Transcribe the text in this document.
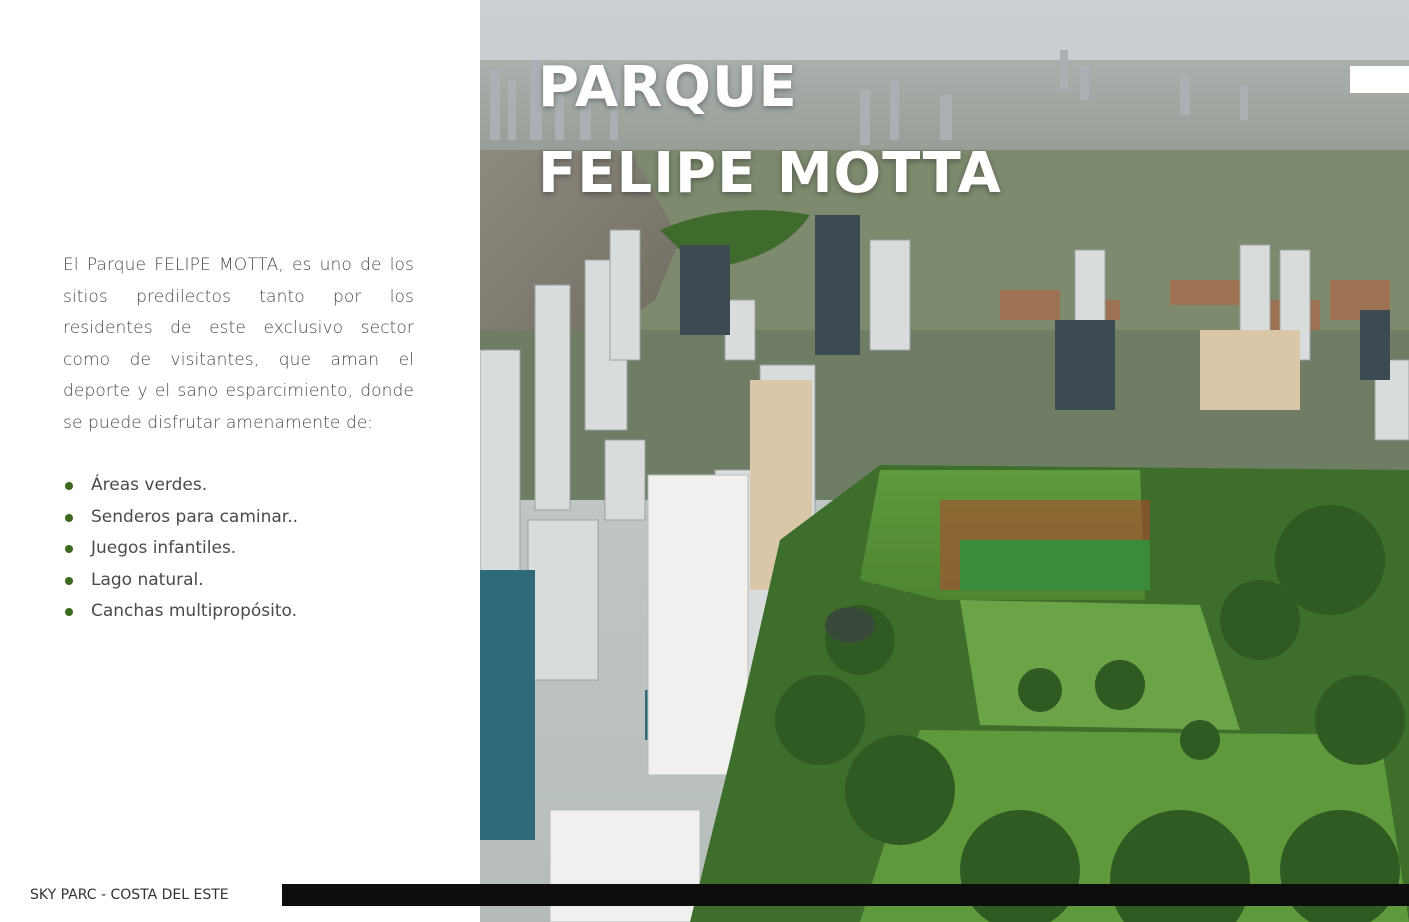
El Parque FELIPE MOTTA, es uno de los sitios predilectos tanto por los residentes de este exclusivo sector como de visitantes, que aman el deporte y el sano esparcimiento, donde se puede disfrutar amenamente de:

Áreas verdes.
Senderos para caminar..
Juegos infantiles.
Lago natural.
Canchas multipropósito.
PARQUE
FELIPE MOTTA
SKY PARC - COSTA DEL ESTE
